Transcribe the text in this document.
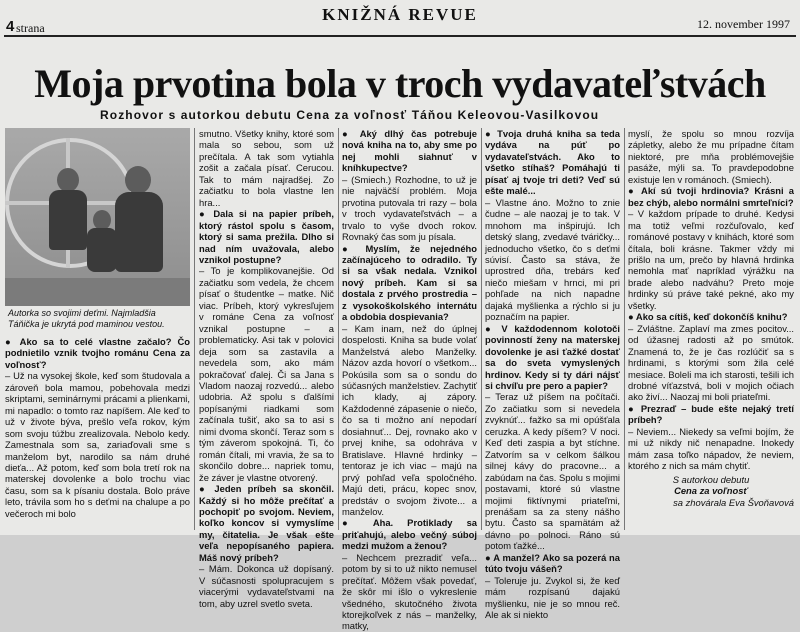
4 strana
KNIŽNÁ REVUE	12. november 1997
Moja prvotina bola v troch vydavateľstvách
Rozhovor s autorkou debutu Cena za voľnosť Táňou Keleovou-Vasilkovou
Autorka so svojimi deťmi. Najmladšia Táňička je ukrytá pod maminou vestou.

● Ako sa to celé vlastne začalo? Čo podnietilo vznik tvojho románu Cena za voľnosť?

– Už na vysokej škole, keď som študovala a zároveň bola mamou, pobehovala medzi skriptami, seminárnymi prácami a plienkami, mi napadlo: o tomto raz napíšem. Ale keď to už v živote býva, prešlo veľa rokov, kým som svoju túžbu zrealizovala. Nebolo kedy. Zamestnala som sa, zariaďovali sme s manželom byt, narodilo sa nám druhé dieťa... Až potom, keď som bola tretí rok na materskej dovolenke a bolo trochu viac času, som sa k písaniu dostala. Bolo práve leto, trávila som ho s deťmi na chalupe a po večeroch mi bolo

smutno. Všetky knihy, ktoré som mala so sebou, som už prečítala. A tak som vytiahla zošit a začala písať. Cerucou. Tak to mám najradšej. Zo začiatku to bola vlastne len hra...

● Dala si na papier príbeh, ktorý rástol spolu s časom, ktorý si sama prežila. Dlho si nad ním uvažovala, alebo vznikol postupne?

– To je komplikovanejšie. Od začiatku som vedela, že chcem písať o študentke – matke. Nič viac. Príbeh, ktorý vykresľujem v románe Cena za voľnosť vznikal postupne – a problematicky. Asi tak v polovici deja som sa zastavila a nevedela som, ako mám pokračovať ďalej. Či sa Jana s Vladom naozaj rozvedú... alebo udobria. Až spolu s ďalšími popísanými riadkami som začínala tušiť, ako sa to asi s nimi dvoma skončí. Teraz som s tým záverom spokojná. Ti, čo román čítali, mi vravia, že sa to skončilo dobre... napriek tomu, že záver je vlastne otvorený.

● Jeden príbeh sa skončil. Každý si ho môže prečítať a pochopiť po svojom. Neviem, koľko koncov si vymyslíme my, čitatelia. Je však ešte veľa nepopísaného papiera. Máš nový príbeh?

– Mám. Dokonca už dopísaný. V súčasnosti spolupracujem s viacerými vydavateľstvami na tom, aby uzrel svetlo sveta.

● Aký dlhý čas potrebuje nová kniha na to, aby sme po nej mohli siahnuť v kníhkupectve?

– (Smiech.) Rozhodne, to už je nie najväčší problém. Moja prvotina putovala tri razy – bola v troch vydavateľstvách – a trvalo to vyše dvoch rokov. Rovnaký čas som ju písala.

● Myslím, že nejedného začínajúceho to odradilo. Ty si sa však nedala. Vznikol nový príbeh. Kam si sa dostala z prvého prostredia – z vysokoškolského internátu a obdobia dospievania?

– Kam inam, než do úplnej dospelosti. Kniha sa bude volať Manželstvá alebo Manželky. Názov azda hovorí o všetkom... Pokúsila som sa o sondu do súčasných manželstiev. Zachytiť ich klady, aj zápory. Každodenné zápasenie o niečo, čo sa ti možno aní nepodarí dosiahnuť... Dej, rovnako ako v prvej knihe, sa odohráva v Bratislave. Hlavné hrdinky – tentoraz je ich viac – majú na prvý pohľad veľa spoločného. Majú deti, prácu, kopec snov, predstáv o svojom živote... a manželov.

● Aha. Protiklady sa priťahujú, alebo večný súboj medzi mužom a ženou?

– Nechcem prezradiť veľa... potom by si to už nikto nemusel prečítať. Môžem však povedať, že skôr mi išlo o vykreslenie všedného, skutočného života ktorejkoľvek z nás – manželky, matky,

● Tvoja druhá kniha sa teda vydáva na púť po vydavateľstvách. Ako to všetko stíhaš? Pomáhajú ti písať aj tvoje tri deti? Veď sú ešte malé...

– Vlastne áno. Možno to znie čudne – ale naozaj je to tak. V mnohom ma inšpirujú. Ich detský slang, zvedavé tváričky... jednoducho všetko, čo s deťmi súvisí. Často sa stáva, že uprostred dňa, trebárs keď niečo miešam v hrnci, mi pri pohľade na nich napadne dajaká myšlienka a rýchlo si ju poznačím na papier.

● V každodennom kolotoči povinností ženy na materskej dovolenke je asi ťažké dostať sa do sveta vymyslených hrdinov. Kedy si ty dári nájsť si chvíľu pre pero a papier?

– Teraz už píšem na počítači. Zo začiatku som si nevedela zvyknúť... fažko sa mi opúšťala ceruzka. A kedy píšem? V noci. Keď deti zaspia a byt stíchne. Zatvorím sa v celkom šálkou silnej kávy do pracovne... a zabúdam na čas. Spolu s mojimi postavami, ktoré sú vlastne mojimi fiktívnymi priateľmi, prenášam sa za steny nášho bytu. Často sa spamätám až dávno po polnoci. Ráno sú potom ťažké...

● A manžel? Ako sa pozerá na túto tvoju vášeň?

– Toleruje ju. Zvykol si, že keď mám rozpísanú dajakú myšlienku, nie je so mnou reč. Ale ak si niekto

myslí, že spolu so mnou rozvíja zápletky, alebo že mu prípadne čítam niektoré, pre mňa problémovejšie pasáže, mýli sa. To pravdepodobne existuje len v románoch. (Smiech).

● Akí sú tvoji hrdinovia? Krásni a bez chýb, alebo normálni smrteľníci?

– V každom prípade to druhé. Kedysi ma totiž veľmi rozčuľovalo, keď románové postavy v knihách, ktoré som čítala, boli krásne. Takmer vždy mi prišlo na um, prečo by hlavná hrdinka nemohla mať napríklad výrážku na brade alebo nadváhu? Preto moje hrdinky sú práve také pekné, ako my všetky.

● Ako sa cítiš, keď dokončíš knihu?

– Zvláštne. Zaplaví ma zmes pocitov... od úžasnej radosti až po smútok. Znamená to, že je čas rozlúčiť sa s hrdinami, s ktorými som žila celé mesiace. Bolelі ma ich starosti, tešili ich drobné víťazstvá, boli v mojich očiach ako živí... Naozaj mi boli priateľmi.

● Prezraď – bude ešte nejaký tretí príbeh?

– Neviem... Niekedy sa veľmi bojím, že mi už nikdy nič nenapadne. Inokedy mám zasa toľko nápadov, že neviem, ktorého z nich sa mám chytiť.

S autorkou debutu
Cena za voľnosť
sa zhovárala Eva Švoňavová
